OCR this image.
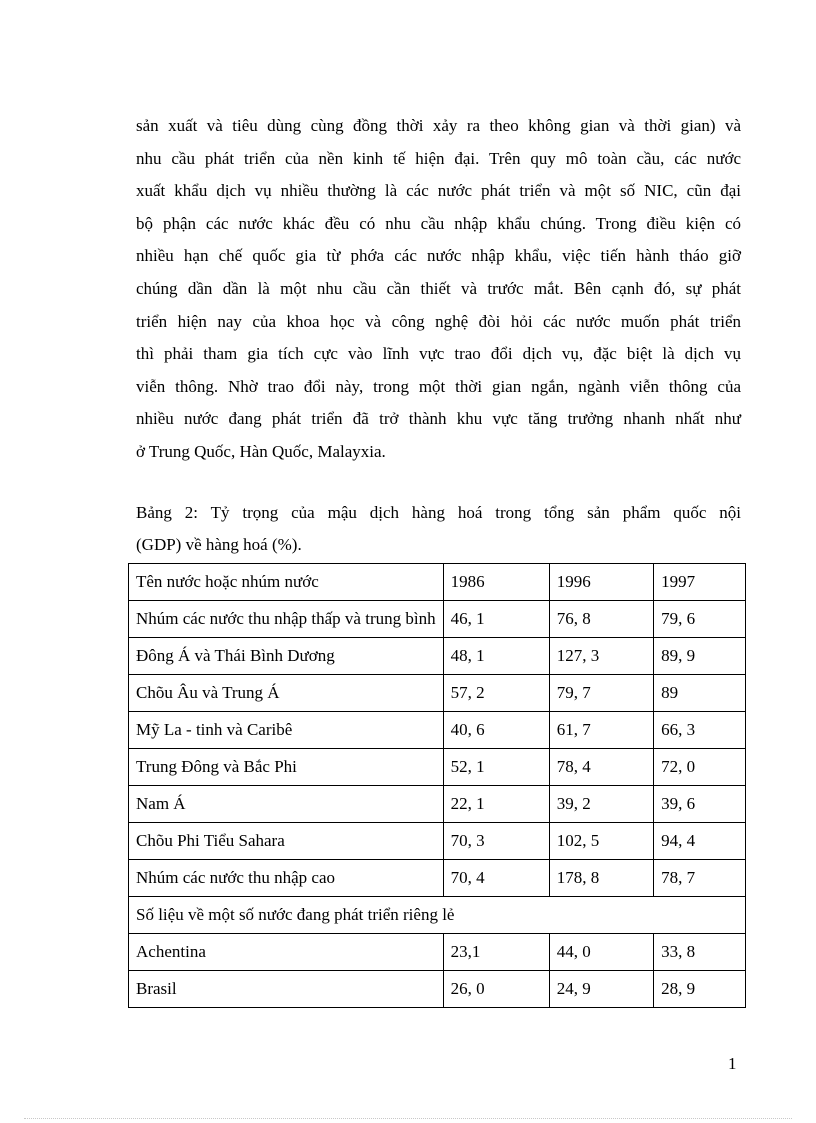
sản xuất và tiêu dùng cùng đồng thời xảy ra theo không gian và thời gian) và
nhu cầu phát triển của nền kinh tế hiện đại. Trên quy mô toàn cầu, các nước
xuất khẩu dịch vụ nhiều thường là các nước phát triển và một số NIC, cũn đại
bộ phận các nước khác đều có nhu cầu nhập khẩu chúng. Trong điều kiện có
nhiều hạn chế quốc gia từ phớa các nước nhập khẩu, việc tiến hành tháo giỡ
chúng dần dần là một nhu cầu cần thiết và trước mắt. Bên cạnh đó, sự phát
triển hiện nay của khoa học và công nghệ đòi hỏi các nước muốn phát triển
thì phải tham gia tích cực vào lĩnh vực trao đổi dịch vụ, đặc biệt là dịch vụ
viễn thông. Nhờ trao đổi này, trong một thời gian ngắn, ngành viễn thông của
nhiều nước đang phát triển đã trở thành khu vực tăng trưởng nhanh nhất như
ở Trung Quốc, Hàn Quốc, Malayxia.

Bảng 2: Tỷ trọng của mậu dịch hàng hoá trong tổng sản phẩm quốc nội
(GDP) về hàng hoá (%).

Tên nước hoặc nhúm nước	1986	1996	1997
Nhúm các nước thu nhập thấp và trung bình	46, 1	76, 8	79, 6
Đông Á và Thái Bình Dương	48, 1	127, 3	89, 9
Chõu Âu và Trung Á	57, 2	79, 7	89
Mỹ La - tinh và Caribê	40, 6	61, 7	66, 3
Trung Đông và Bắc Phi	52, 1	78, 4	72, 0
Nam Á	22, 1	39, 2	39, 6
Chõu Phi Tiểu Sahara	70, 3	102, 5	94, 4
Nhúm các nước thu nhập cao	70, 4	178, 8	78, 7
Số liệu về một số nước đang phát triển riêng lẻ			
Achentina	23,1	44, 0	33, 8
Brasil	26, 0	24, 9	28, 9
1
